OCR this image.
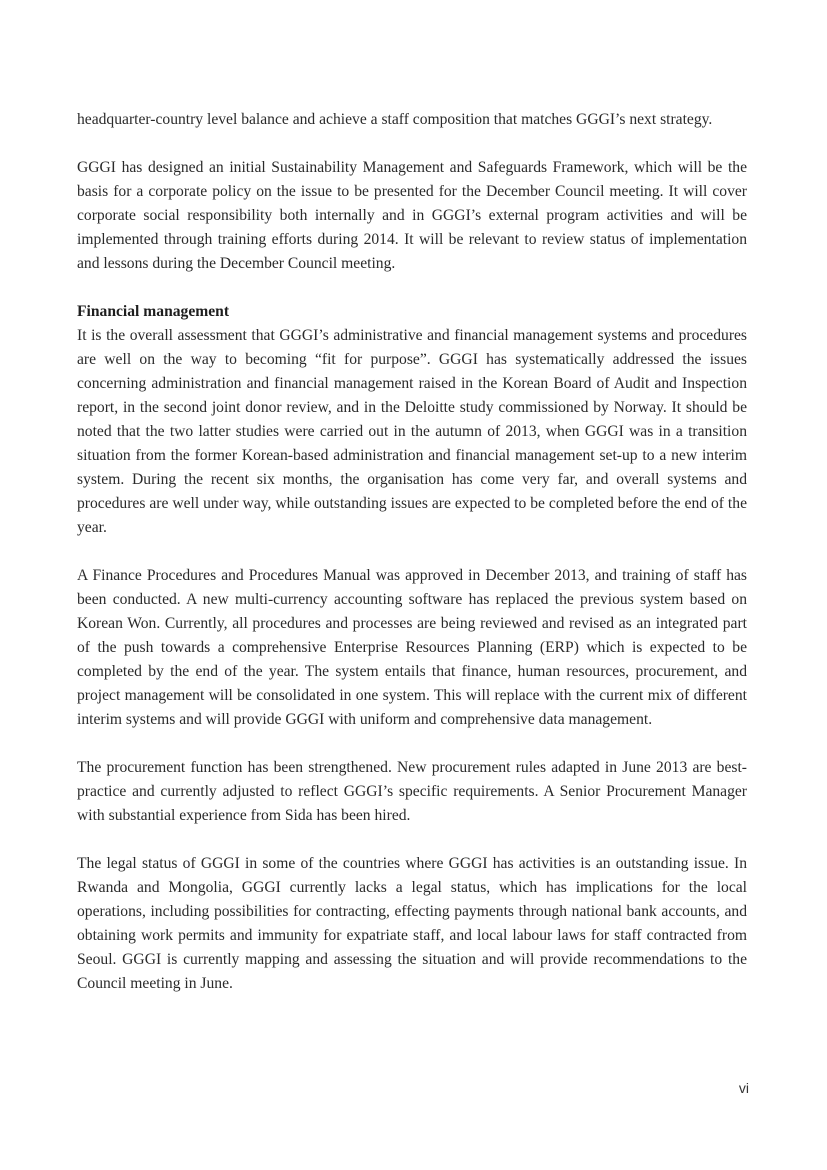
headquarter-country level balance and achieve a staff composition that matches GGGI’s next strategy.

GGGI has designed an initial Sustainability Management and Safeguards Framework, which will be the basis for a corporate policy on the issue to be presented for the December Council meeting. It will cover corporate social responsibility both internally and in GGGI’s external program activities and will be implemented through training efforts during 2014. It will be relevant to review status of implementation and lessons during the December Council meeting.

Financial management

It is the overall assessment that GGGI’s administrative and financial management systems and procedures are well on the way to becoming “fit for purpose”. GGGI has systematically addressed the issues concerning administration and financial management raised in the Korean Board of Audit and Inspection report, in the second joint donor review, and in the Deloitte study commissioned by Norway. It should be noted that the two latter studies were carried out in the autumn of 2013, when GGGI was in a transition situation from the former Korean-based administration and financial management set-up to a new interim system. During the recent six months, the organisation has come very far, and overall systems and procedures are well under way, while outstanding issues are expected to be completed before the end of the year.

A Finance Procedures and Procedures Manual was approved in December 2013, and training of staff has been conducted. A new multi-currency accounting software has replaced the previous system based on Korean Won. Currently, all procedures and processes are being reviewed and revised as an integrated part of the push towards a comprehensive Enterprise Resources Planning (ERP) which is expected to be completed by the end of the year. The system entails that finance, human resources, procurement, and project management will be consolidated in one system. This will replace with the current mix of different interim systems and will provide GGGI with uniform and comprehensive data management.

The procurement function has been strengthened. New procurement rules adapted in June 2013 are best-practice and currently adjusted to reflect GGGI’s specific requirements. A Senior Procurement Manager with substantial experience from Sida has been hired.

The legal status of GGGI in some of the countries where GGGI has activities is an outstanding issue. In Rwanda and Mongolia, GGGI currently lacks a legal status, which has implications for the local operations, including possibilities for contracting, effecting payments through national bank accounts, and obtaining work permits and immunity for expatriate staff, and local labour laws for staff contracted from Seoul. GGGI is currently mapping and assessing the situation and will provide recommendations to the Council meeting in June.

vi
